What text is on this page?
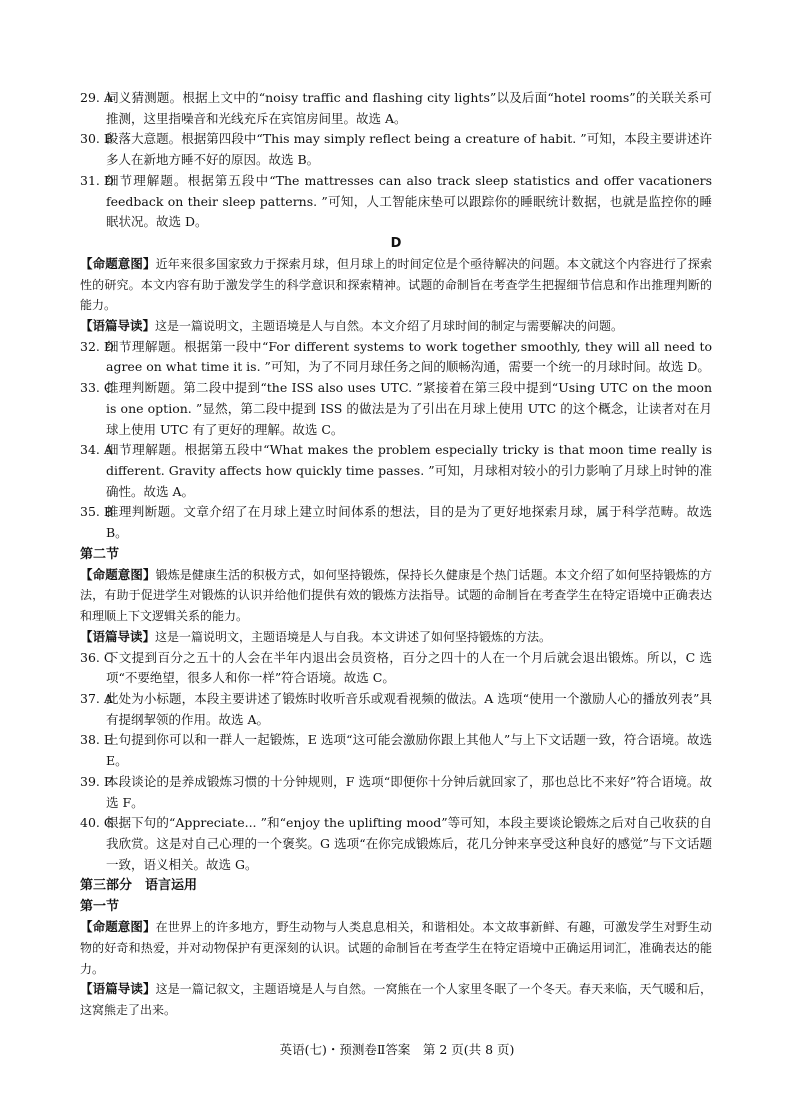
29. A
词义猜测题。根据上文中的“noisy traffic and flashing city lights”以及后面“hotel rooms”的关联关系可推测，这里指噪音和光线充斥在宾馆房间里。故选 A。
30. B
段落大意题。根据第四段中“This may simply reflect being a creature of habit. ”可知，本段主要讲述许多人在新地方睡不好的原因。故选 B。
31. D
细节理解题。根据第五段中“The mattresses can also track sleep statistics and offer vacationers feedback on their sleep patterns. ”可知，人工智能床垫可以跟踪你的睡眠统计数据，也就是监控你的睡眠状况。故选 D。
D
【命题意图】近年来很多国家致力于探索月球，但月球上的时间定位是个亟待解决的问题。本文就这个内容进行了探索性的研究。本文内容有助于激发学生的科学意识和探索精神。试题的命制旨在考查学生把握细节信息和作出推理判断的能力。
【语篇导读】这是一篇说明文，主题语境是人与自然。本文介绍了月球时间的制定与需要解决的问题。
32. D
细节理解题。根据第一段中“For different systems to work together smoothly, they will all need to agree on what time it is. ”可知，为了不同月球任务之间的顺畅沟通，需要一个统一的月球时间。故选 D。
33. C
推理判断题。第二段中提到“the ISS also uses UTC. ”紧接着在第三段中提到“Using UTC on the moon is one option. ”显然，第二段中提到 ISS 的做法是为了引出在月球上使用 UTC 的这个概念，让读者对在月球上使用 UTC 有了更好的理解。故选 C。
34. A
细节理解题。根据第五段中“What makes the problem especially tricky is that moon time really is different. Gravity affects how quickly time passes. ”可知，月球相对较小的引力影响了月球上时钟的准确性。故选 A。
35. B
推理判断题。文章介绍了在月球上建立时间体系的想法，目的是为了更好地探索月球，属于科学范畴。故选 B。
第二节
【命题意图】锻炼是健康生活的积极方式，如何坚持锻炼，保持长久健康是个热门话题。本文介绍了如何坚持锻炼的方法，有助于促进学生对锻炼的认识并给他们提供有效的锻炼方法指导。试题的命制旨在考查学生在特定语境中正确表达和理顺上下文逻辑关系的能力。
【语篇导读】这是一篇说明文，主题语境是人与自我。本文讲述了如何坚持锻炼的方法。
36. C
下文提到百分之五十的人会在半年内退出会员资格，百分之四十的人在一个月后就会退出锻炼。所以，C 选项“不要绝望，很多人和你一样”符合语境。故选 C。
37. A
此处为小标题，本段主要讲述了锻炼时收听音乐或观看视频的做法。A 选项“使用一个激励人心的播放列表”具有提纲挈领的作用。故选 A。
38. E
上句提到你可以和一群人一起锻炼，E 选项“这可能会激励你跟上其他人”与上下文话题一致，符合语境。故选 E。
39. F
本段谈论的是养成锻炼习惯的十分钟规则，F 选项“即便你十分钟后就回家了，那也总比不来好”符合语境。故选 F。
40. G
根据下句的“Appreciate... ”和“enjoy the uplifting mood”等可知，本段主要谈论锻炼之后对自己收获的自我欣赏。这是对自己心理的一个褒奖。G 选项“在你完成锻炼后，花几分钟来享受这种良好的感觉”与下文话题一致，语义相关。故选 G。
第三部分　语言运用
第一节
【命题意图】在世界上的许多地方，野生动物与人类息息相关，和谐相处。本文故事新鲜、有趣，可激发学生对野生动物的好奇和热爱，并对动物保护有更深刻的认识。试题的命制旨在考查学生在特定语境中正确运用词汇，准确表达的能力。
【语篇导读】这是一篇记叙文，主题语境是人与自然。一窝熊在一个人家里冬眠了一个冬天。春天来临，天气暖和后，这窝熊走了出来。
英语(七)・预测卷Ⅱ答案　第 2 页(共 8 页)
